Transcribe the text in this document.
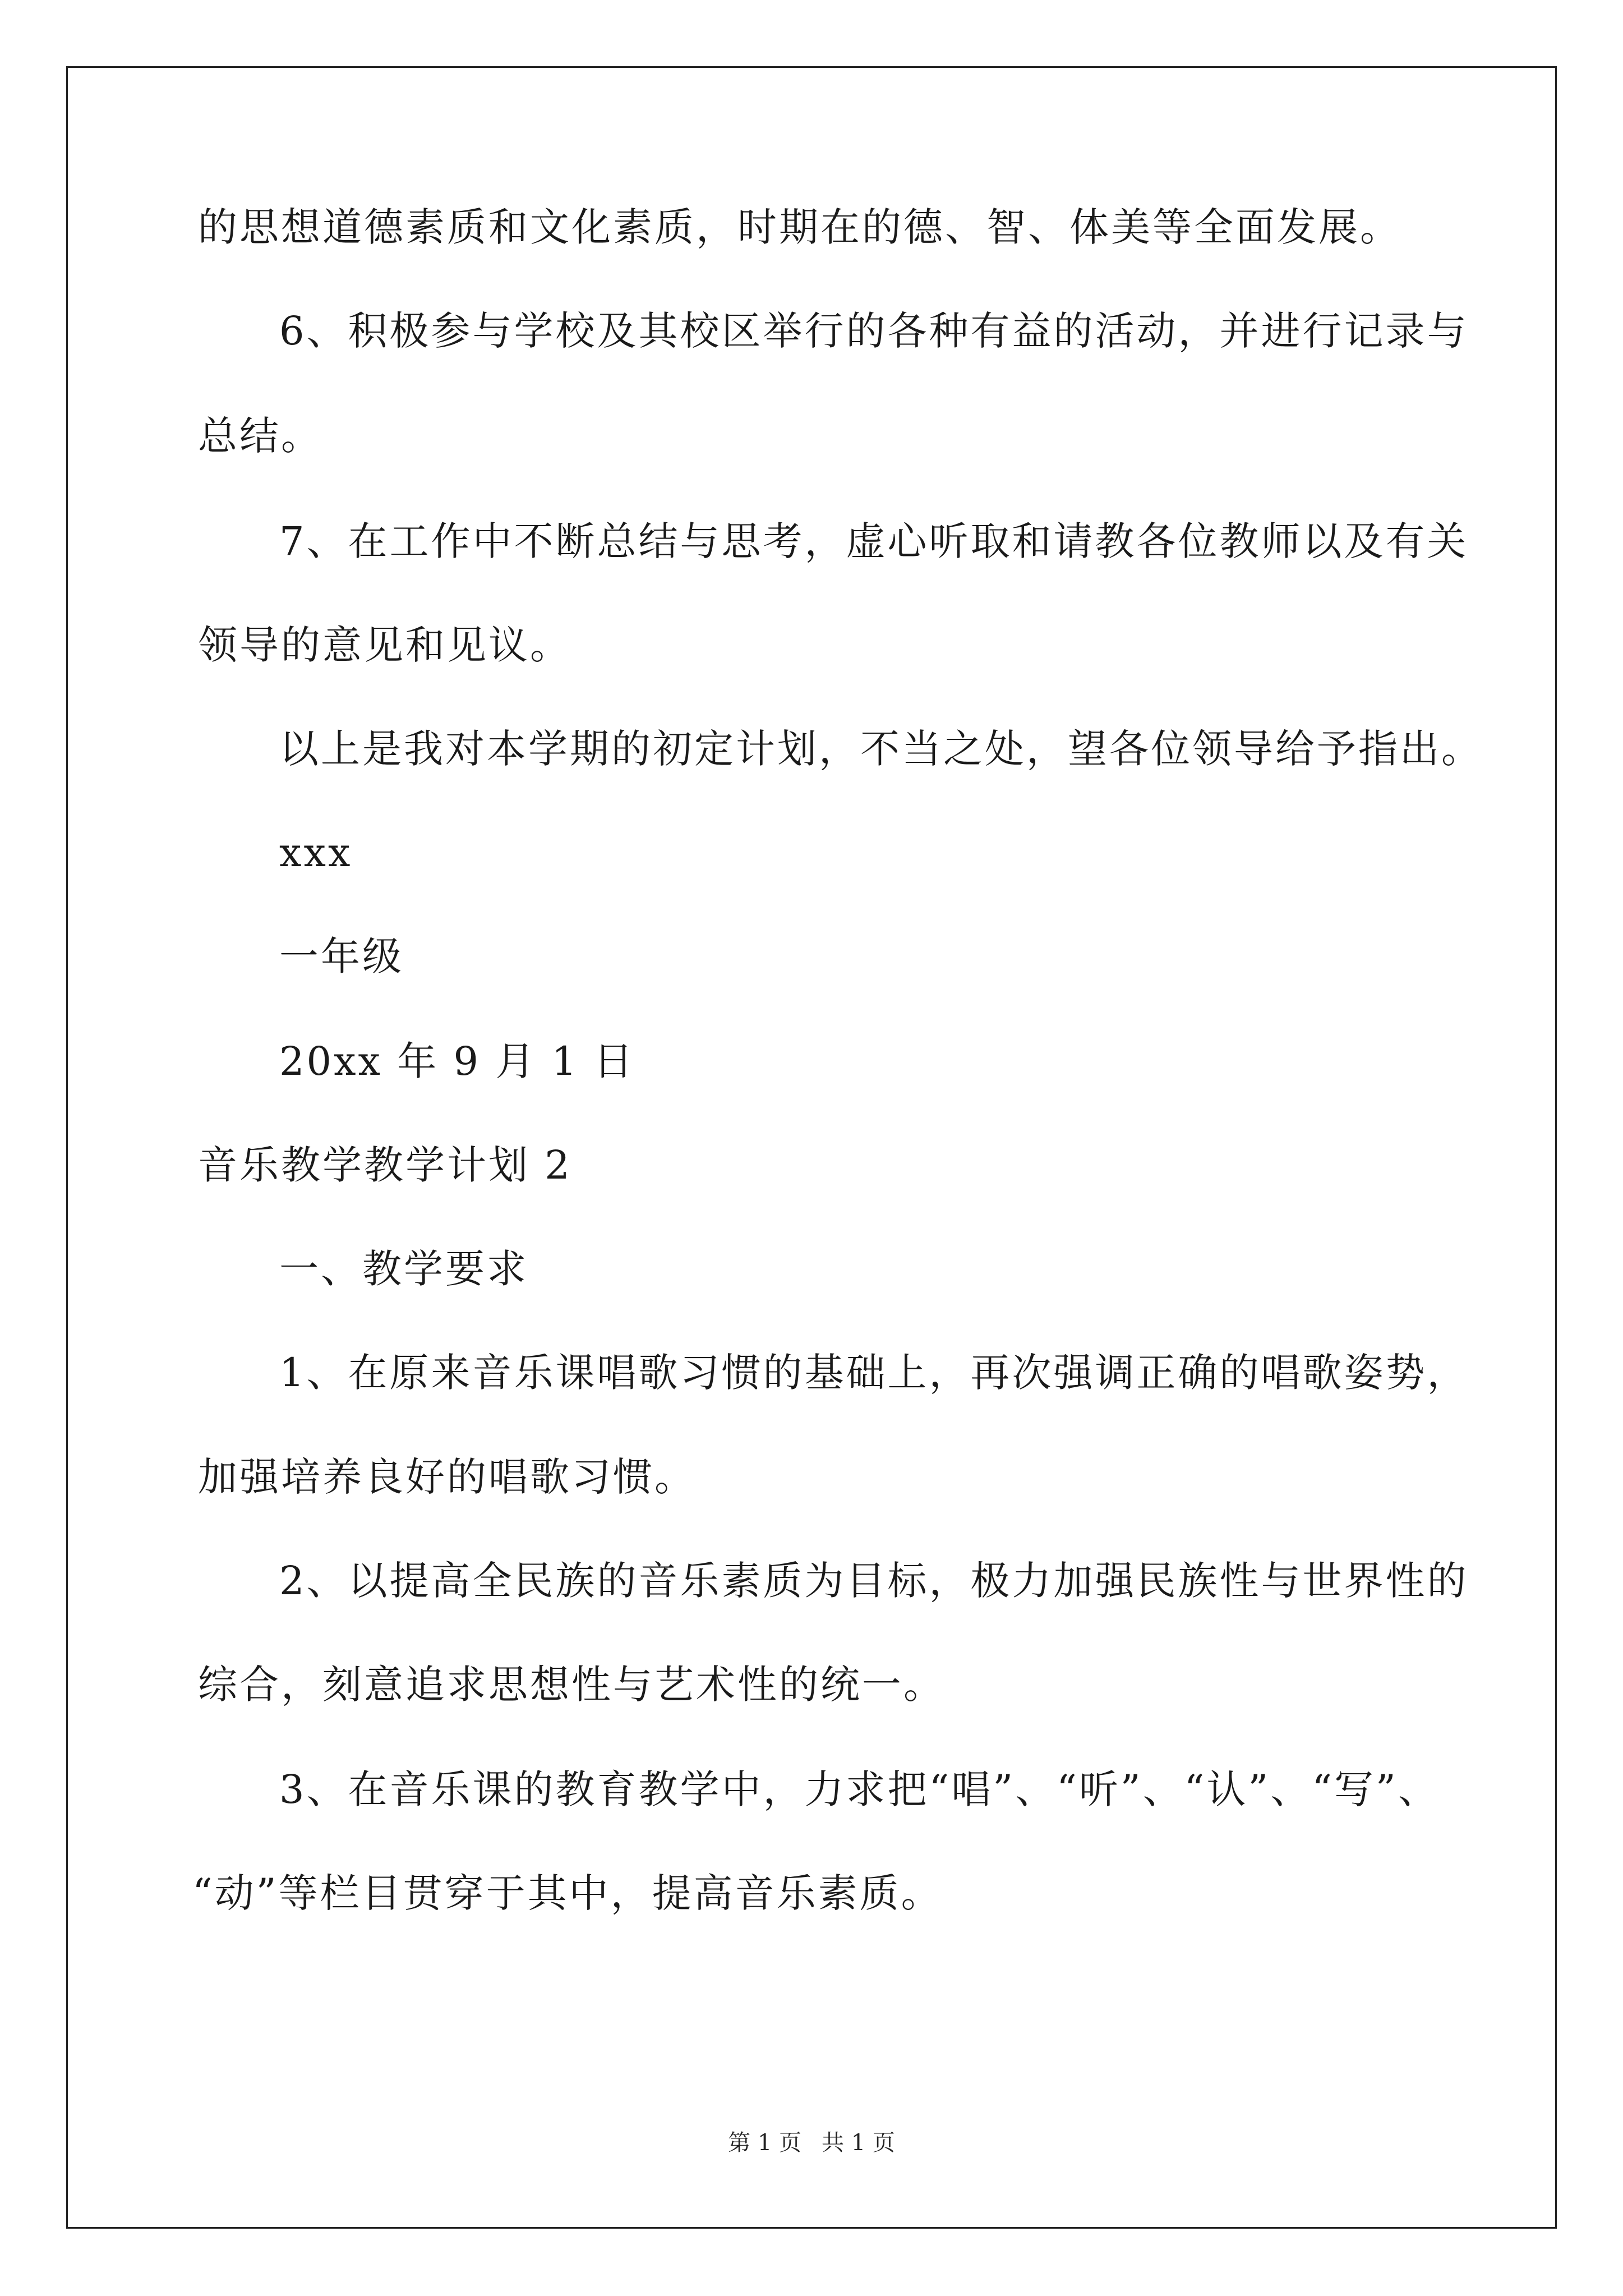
的思想道德素质和文化素质，时期在的德、智、体美等全面发展。
6、积极参与学校及其校区举行的各种有益的活动，并进行记录与
总结。
7、在工作中不断总结与思考，虚心听取和请教各位教师以及有关
领导的意见和见议。
以上是我对本学期的初定计划，不当之处，望各位领导给予指出。
xxx
一年级
20xx 年 9 月 1 日
音乐教学教学计划 2
一、教学要求
1、在原来音乐课唱歌习惯的基础上，再次强调正确的唱歌姿势，
加强培养良好的唱歌习惯。
2、以提高全民族的音乐素质为目标，极力加强民族性与世界性的
综合，刻意追求思想性与艺术性的统一。
3、在音乐课的教育教学中，力求把“唱”、“听”、“认”、“写”、
“动”等栏目贯穿于其中，提高音乐素质。
第 1 页 共 1 页
